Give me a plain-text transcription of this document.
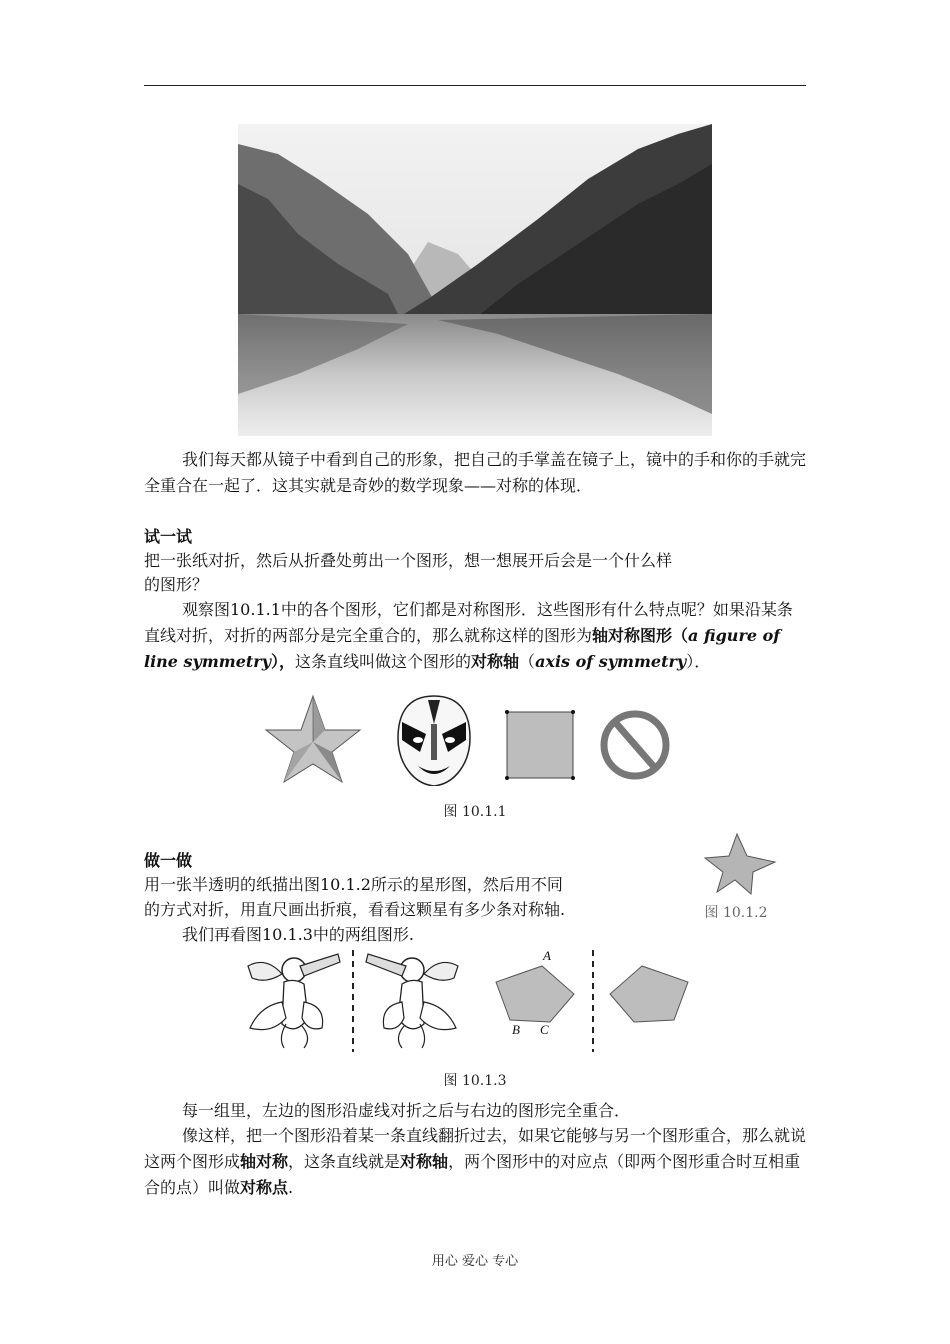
我们每天都从镜子中看到自己的形象，把自己的手掌盖在镜子上，镜中的手和你的手就完全重合在一起了．这其实就是奇妙的数学现象——对称的体现．

试一试
把一张纸对折，然后从折叠处剪出一个图形，想一想展开后会是一个什么样
的图形？

观察图10.1.1中的各个图形，它们都是对称图形．这些图形有什么特点呢？如果沿某条直线对折，对折的两部分是完全重合的，那么就称这样的图形为轴对称图形（a figure of line symmetry），这条直线叫做这个图形的对称轴（axis of symmetry）．

图 10.1.1
做一做
用一张半透明的纸描出图10.1.2所示的星形图，然后用不同
的方式对折，用直尺画出折痕，看看这颗星有多少条对称轴.
我们再看图10.1.3中的两组图形.
图 10.1.2
A
B C
图 10.1.3
每一组里，左边的图形沿虚线对折之后与右边的图形完全重合．

像这样，把一个图形沿着某一条直线翻折过去，如果它能够与另一个图形重合，那么就说这两个图形成轴对称，这条直线就是对称轴，两个图形中的对应点（即两个图形重合时互相重合的点）叫做对称点.

用心 爱心 专心
